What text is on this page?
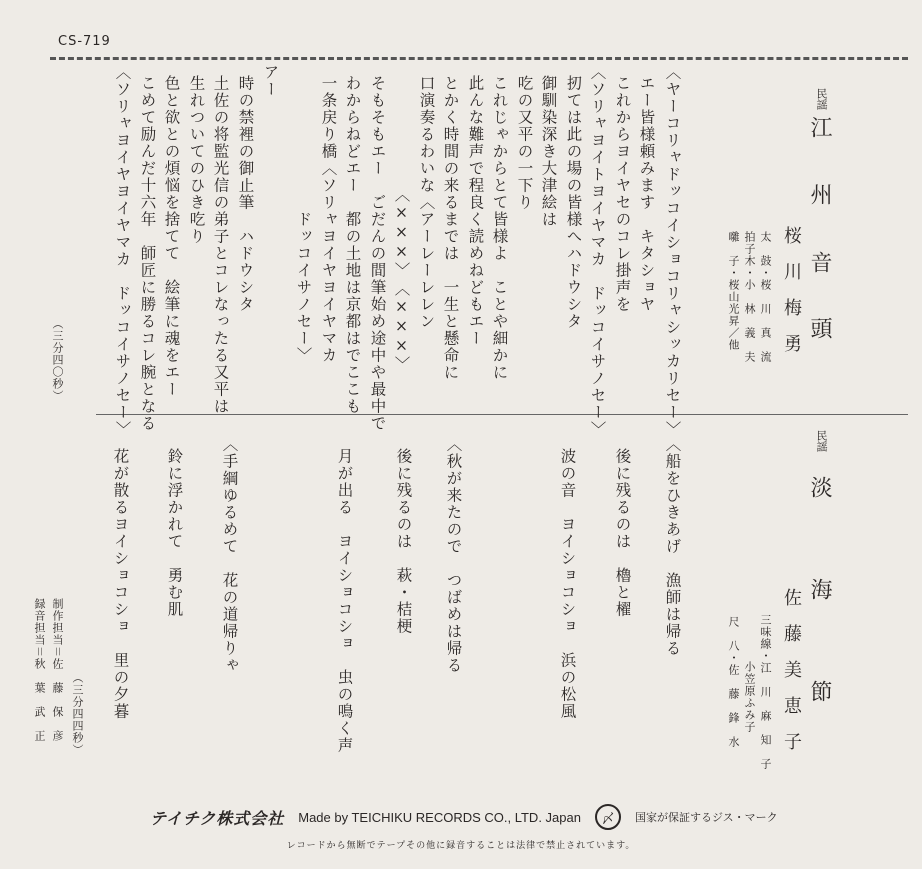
CS-719
民謡
江
州
音
頭
桜　川　梅　勇
太　鼓・桜　川　真　流
拍子木・小　林　義　夫
囃　子・桜山光昇／他
〈ヤーコリャドッコイショコリャシッカリセー〉
エー皆様頼みます　キタショヤ
これからヨイヤセのコレ掛声を
〈ソリャヨイトヨイヤマカ　ドッコイサノセー〉
扨ては此の場の皆様へハドウシタ
御馴染深き大津絵は
吃の又平の一下り
これじゃからとて皆様よ　ことや細かに
此んな難声で程良く読めねどもエー
とかく時間の来るまでは　一生と懸命に
口演奏るわいな〈アーレーレレン
　　　　　　　〈×××〉　〈×××〉
そもそもエー　ごだんの間筆始め途中や最中で
わからねどエー　都の土地は京都はでここも
一条戻り橋〈ソリャヨイヤヨイヤマカ
　　　　　　　　ドッコイサノセー〉
アー
時の禁裡の御止筆　ハドウシタ
土佐の将監光信の弟子とコレなったる又平は
生れついてのひき吃り
色と欲との煩悩を捨てて　絵筆に魂をエー
こめて励んだ十六年　師匠に勝るコレ腕となる
〈ソリャヨイヤヨイヤマカ　ドッコイサノセー〉
（三分四〇秒）
民謡
淡
海
節
佐　藤　美　恵　子
三味線・江　川　麻　知　子
小笠原ふみ子
尺　八・佐　藤　鋒　水
〈船をひきあげ　漁師は帰る
後に残るのは　櫓と櫂
波の音　ヨイショコショ　浜の松風
〈秋が来たので　つばめは帰る
後に残るのは　萩・桔梗
月が出る　ヨイショコショ　虫の鳴く声
〈手綱ゆるめて　花の道帰りゃ
鈴に浮かれて　勇む肌
花が散るヨイショコショ　里の夕暮
（三分四四秒）
制作担当＝佐　藤　保　彦
録音担当＝秋　葉　武　正
テイチク株式会社 Made by TEICHIKU RECORDS CO., LTD. Japan	〆	国家が保証するジス・マーク
レコードから無断でテープその他に録音することは法律で禁止されています。
